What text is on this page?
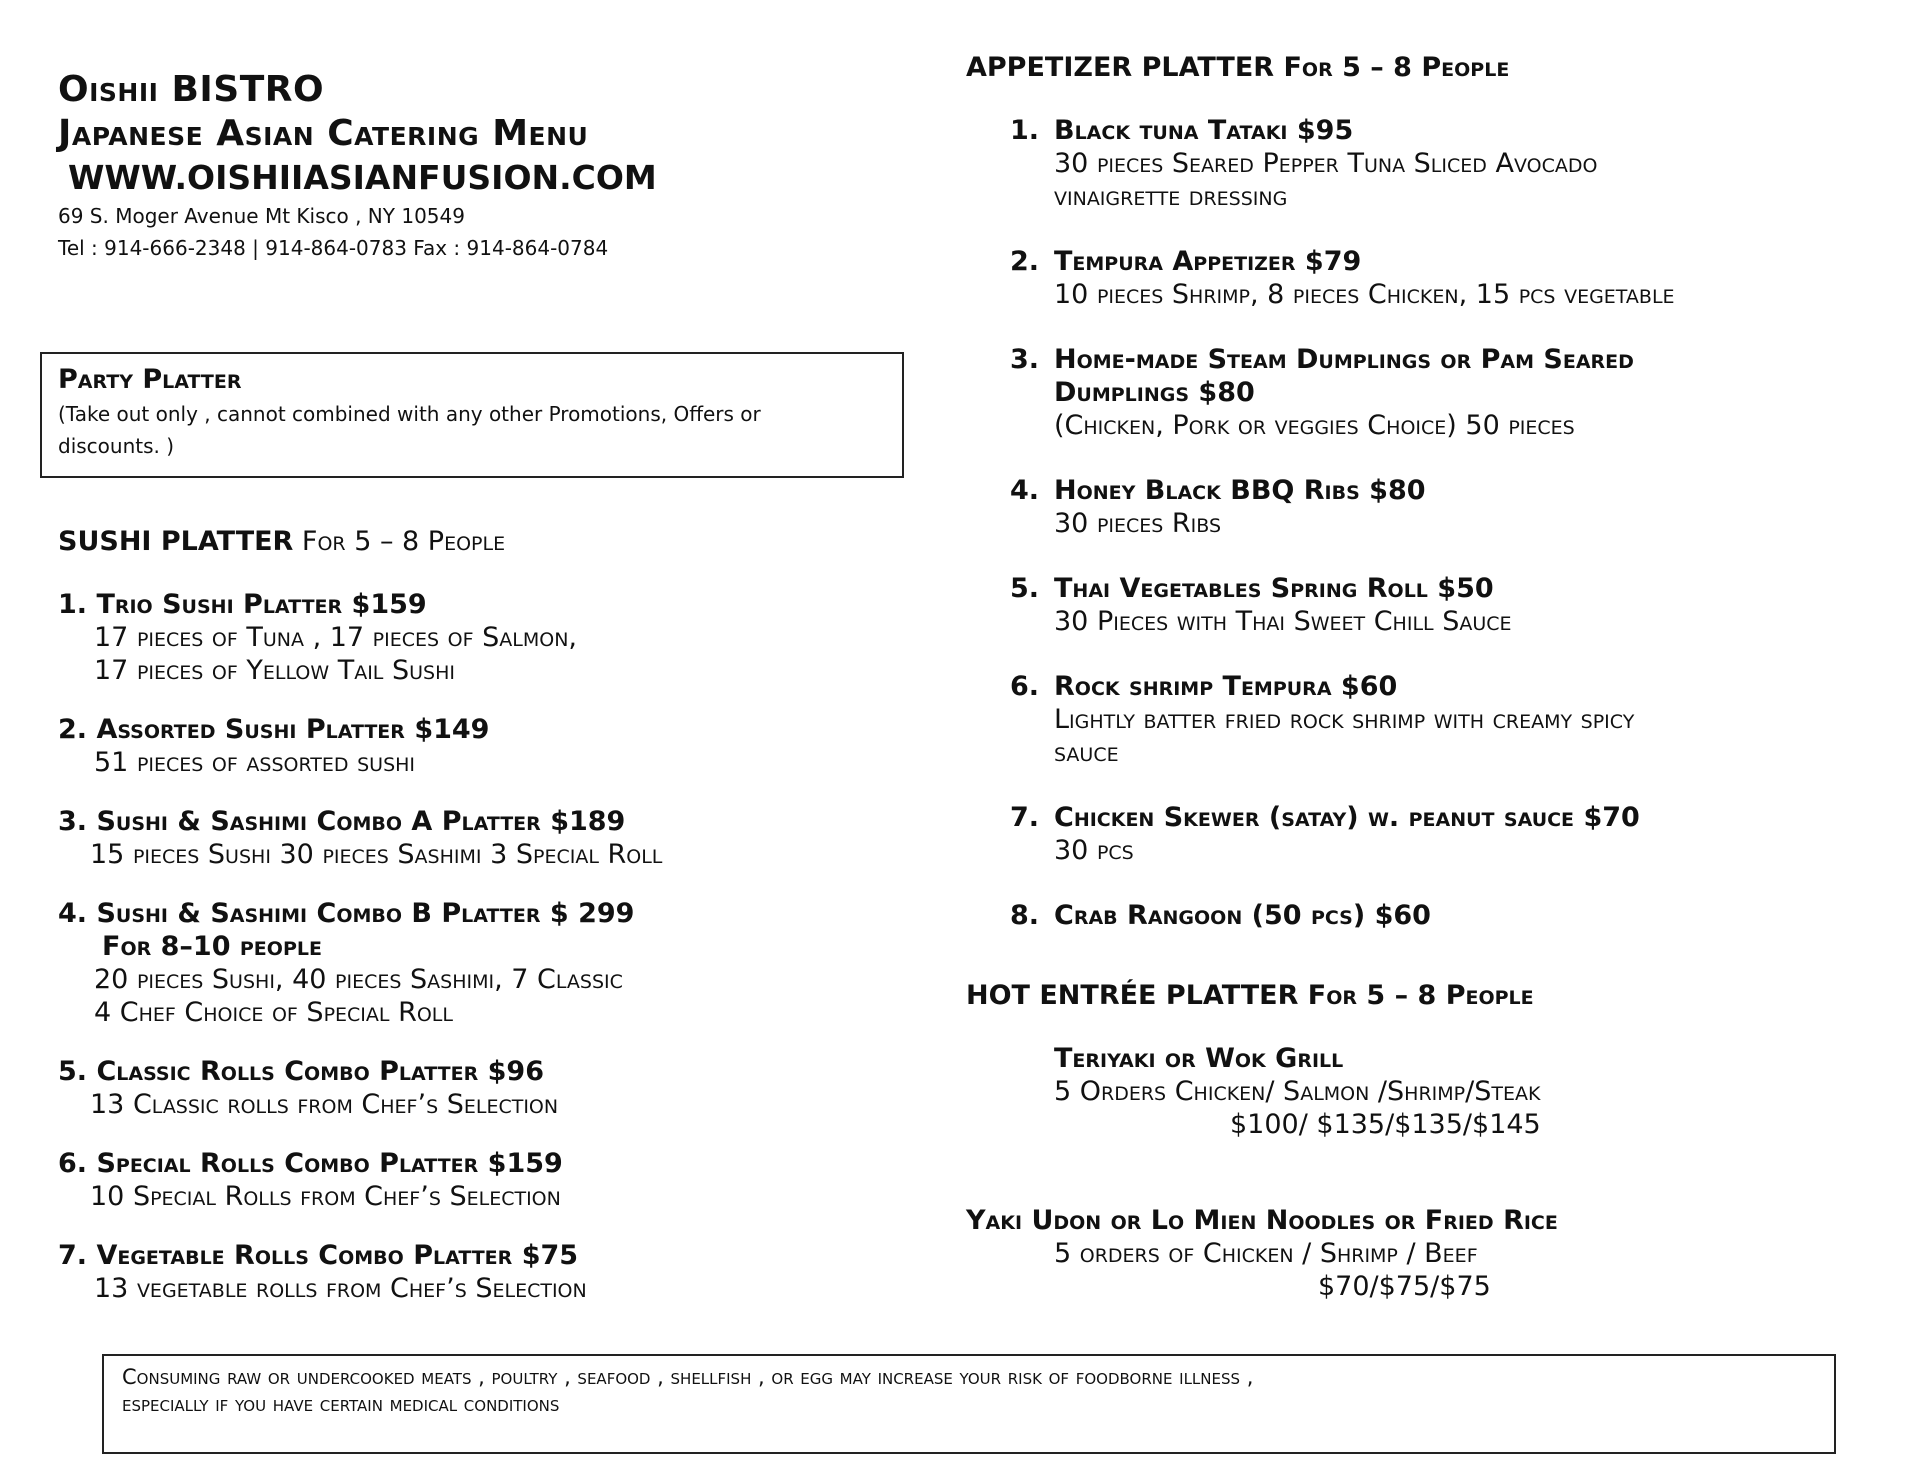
Oishii BISTRO
Japanese Asian Catering Menu
WWW.OISHIIASIANFUSION.COM
69 S. Moger Avenue Mt Kisco , NY 10549
Tel : 914-666-2348 | 914-864-0783 Fax : 914-864-0784
Party Platter
(Take out only , cannot combined with any other Promotions, Offers or
discounts. )
SUSHI PLATTER For 5 – 8 People
1. Trio Sushi Platter $159
17 pieces of Tuna , 17 pieces of Salmon,
17 pieces of Yellow Tail Sushi
2. Assorted Sushi Platter $149
51 pieces of assorted sushi
3. Sushi & Sashimi Combo A Platter $189
15 pieces Sushi 30 pieces Sashimi 3 Special Roll
4. Sushi & Sashimi Combo B Platter $ 299
For 8–10 people
20 pieces Sushi, 40 pieces Sashimi, 7 Classic
4 Chef Choice of Special Roll
5. Classic Rolls Combo Platter $96
13 Classic rolls from Chef’s Selection
6. Special Rolls Combo Platter $159
10 Special Rolls from Chef’s Selection
7. Vegetable Rolls Combo Platter $75
13 vegetable rolls from Chef’s Selection
APPETIZER PLATTER For 5 – 8 People
1. Black tuna Tataki $95
30 pieces Seared Pepper Tuna Sliced Avocado
vinaigrette dressing
2. Tempura Appetizer $79
10 pieces Shrimp, 8 pieces Chicken, 15 pcs vegetable
3. Home-made Steam Dumplings or Pam Seared
Dumplings $80
(Chicken, Pork or veggies Choice) 50 pieces
4. Honey Black BBQ Ribs $80
30 pieces Ribs
5. Thai Vegetables Spring Roll $50
30 Pieces with Thai Sweet Chill Sauce
6. Rock shrimp Tempura $60
Lightly batter fried rock shrimp with creamy spicy
sauce
7. Chicken Skewer (satay) w. peanut sauce $70
30 pcs
8. Crab Rangoon (50 pcs) $60
HOT ENTRÉE PLATTER For 5 – 8 People
Teriyaki or Wok Grill
5 Orders Chicken/ Salmon /Shrimp/Steak
$100/ $135/$135/$145
Yaki Udon or Lo Mien Noodles or Fried Rice
5 orders of Chicken / Shrimp / Beef
$70/$75/$75
Consuming raw or undercooked meats , poultry , seafood , shellfish , or egg may increase your risk of foodborne illness ,
especially if you have certain medical conditions
